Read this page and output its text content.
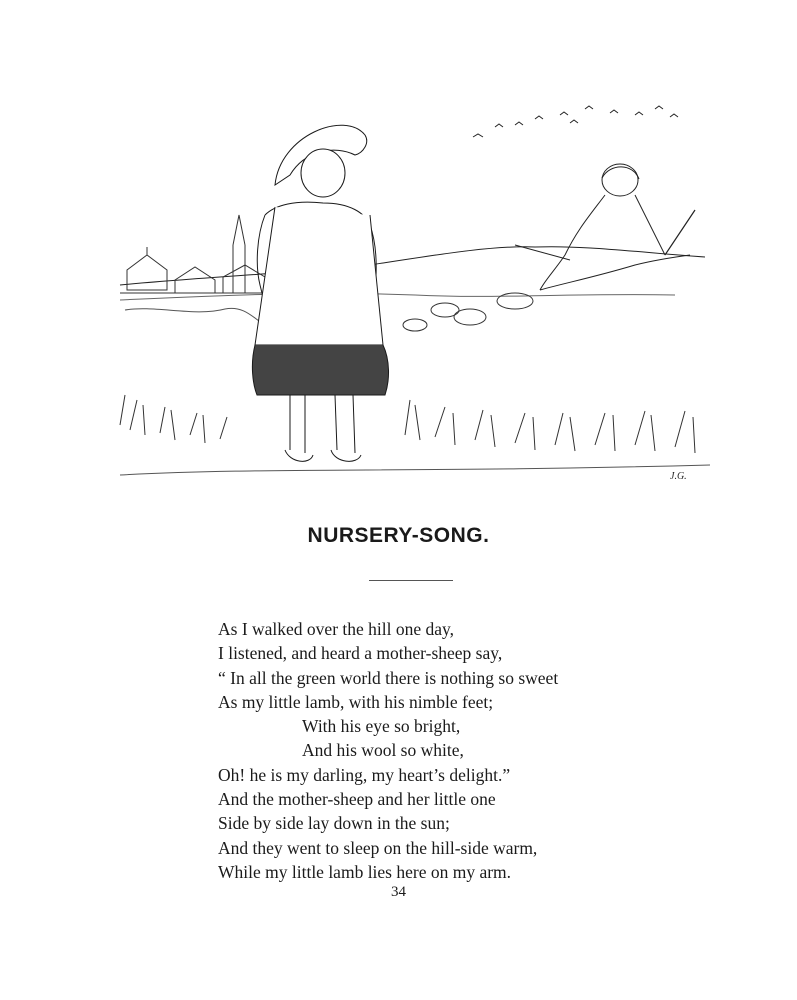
J.G.
NURSERY-SONG.
As I walked over the hill one day,
I listened, and heard a mother-sheep say,
“ In all the green world there is nothing so sweet
As my little lamb, with his nimble feet;
With his eye so bright,
And his wool so white,
Oh! he is my darling, my heart’s delight.”
And the mother-sheep and her little one
Side by side lay down in the sun;
And they went to sleep on the hill-side warm,
While my little lamb lies here on my arm.
34
